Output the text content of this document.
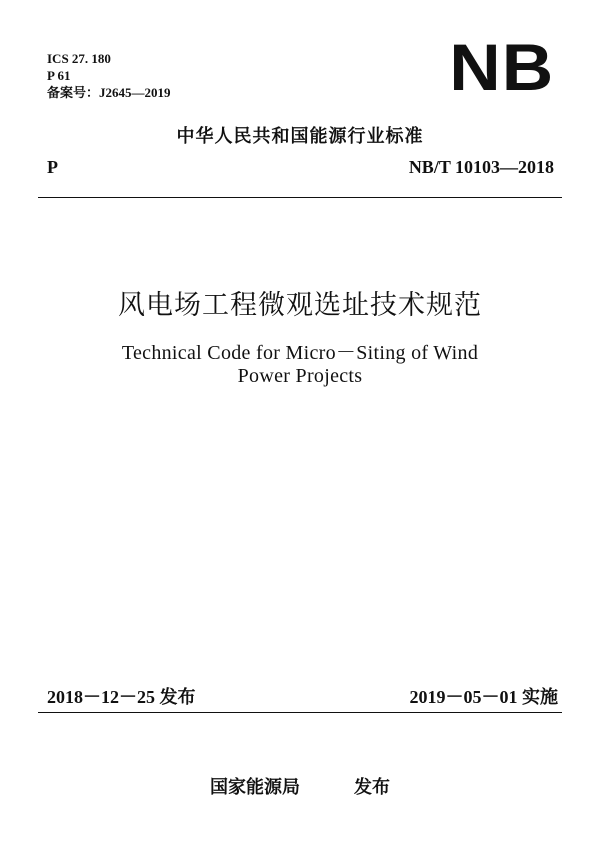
ICS 27. 180
P 61
备案号：J2645—2019	NB
中华人民共和国能源行业标准
P	NB/T 10103—2018
风电场工程微观选址技术规范
Technical Code for Micro－Siting of Wind
Power Projects
2018－12－25 发布	2019－05－01 实施
国家能源局	发布
